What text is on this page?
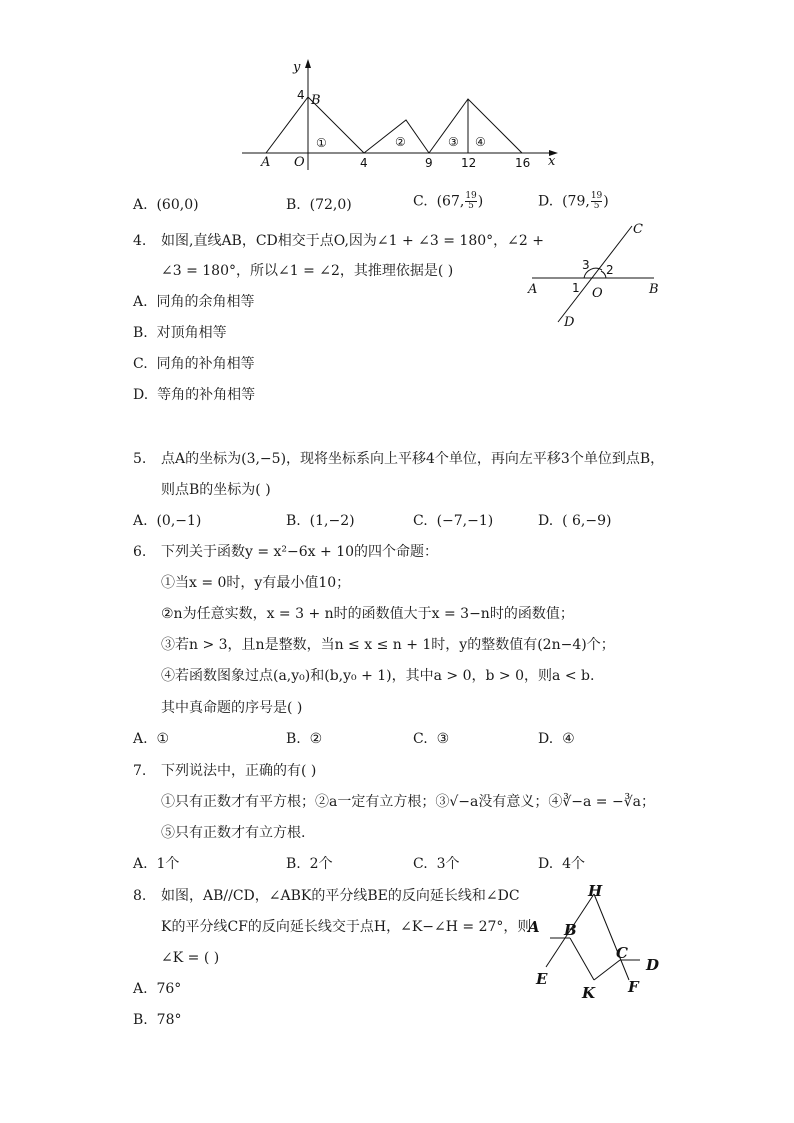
y
x
4 B
A O	4	9 12	16
①	②	③ ④
A. (60,0)	B. (72,0)	C. (67, $\frac{19}{5}$ )	D. (79, $\frac{19}{5}$ )
4. 如图,直线AB，CD相交于点O,因为∠1 + ∠3 = 180°，∠2 +
∠3 = 180°，所以∠1 = ∠2，其推理依据是( )
C
A	B
O
D
1
2
3
A. 同角的余角相等
B. 对顶角相等
C. 同角的补角相等
D. 等角的补角相等
5. 点A的坐标为(3,−5)，现将坐标系向上平移4个单位，再向左平移3个单位到点B，
则点B的坐标为( )
A. (0,−1)	B. (1,−2)	C. (−7,−1)	D. ( 6,−9)
6. 下列关于函数y = x²−6x + 10的四个命题：
①当x = 0时，y有最小值10；
②n为任意实数，x = 3 + n时的函数值大于x = 3−n时的函数值；
③若n > 3，且n是整数，当n ≤ x ≤ n + 1时，y的整数值有(2n−4)个；
④若函数图象过点(a,y₀)和(b,y₀ + 1)，其中a > 0，b > 0，则a < b.
其中真命题的序号是( )
A. ①	B. ②	C. ③	D. ④
7. 下列说法中，正确的有( )
①只有正数才有平方根；②a一定有立方根；③√−a没有意义；④∛−a = −∛a；
⑤只有正数才有立方根.
A. 1个	B. 2个	C. 3个	D. 4个
8. 如图，AB//CD，∠ABK的平分线BE的反向延长线和∠DC
K的平分线CF的反向延长线交于点H，∠K−∠H = 27°，则
∠K = ( )
H
A B
C
D
E
K F
A. 76°
B. 78°
